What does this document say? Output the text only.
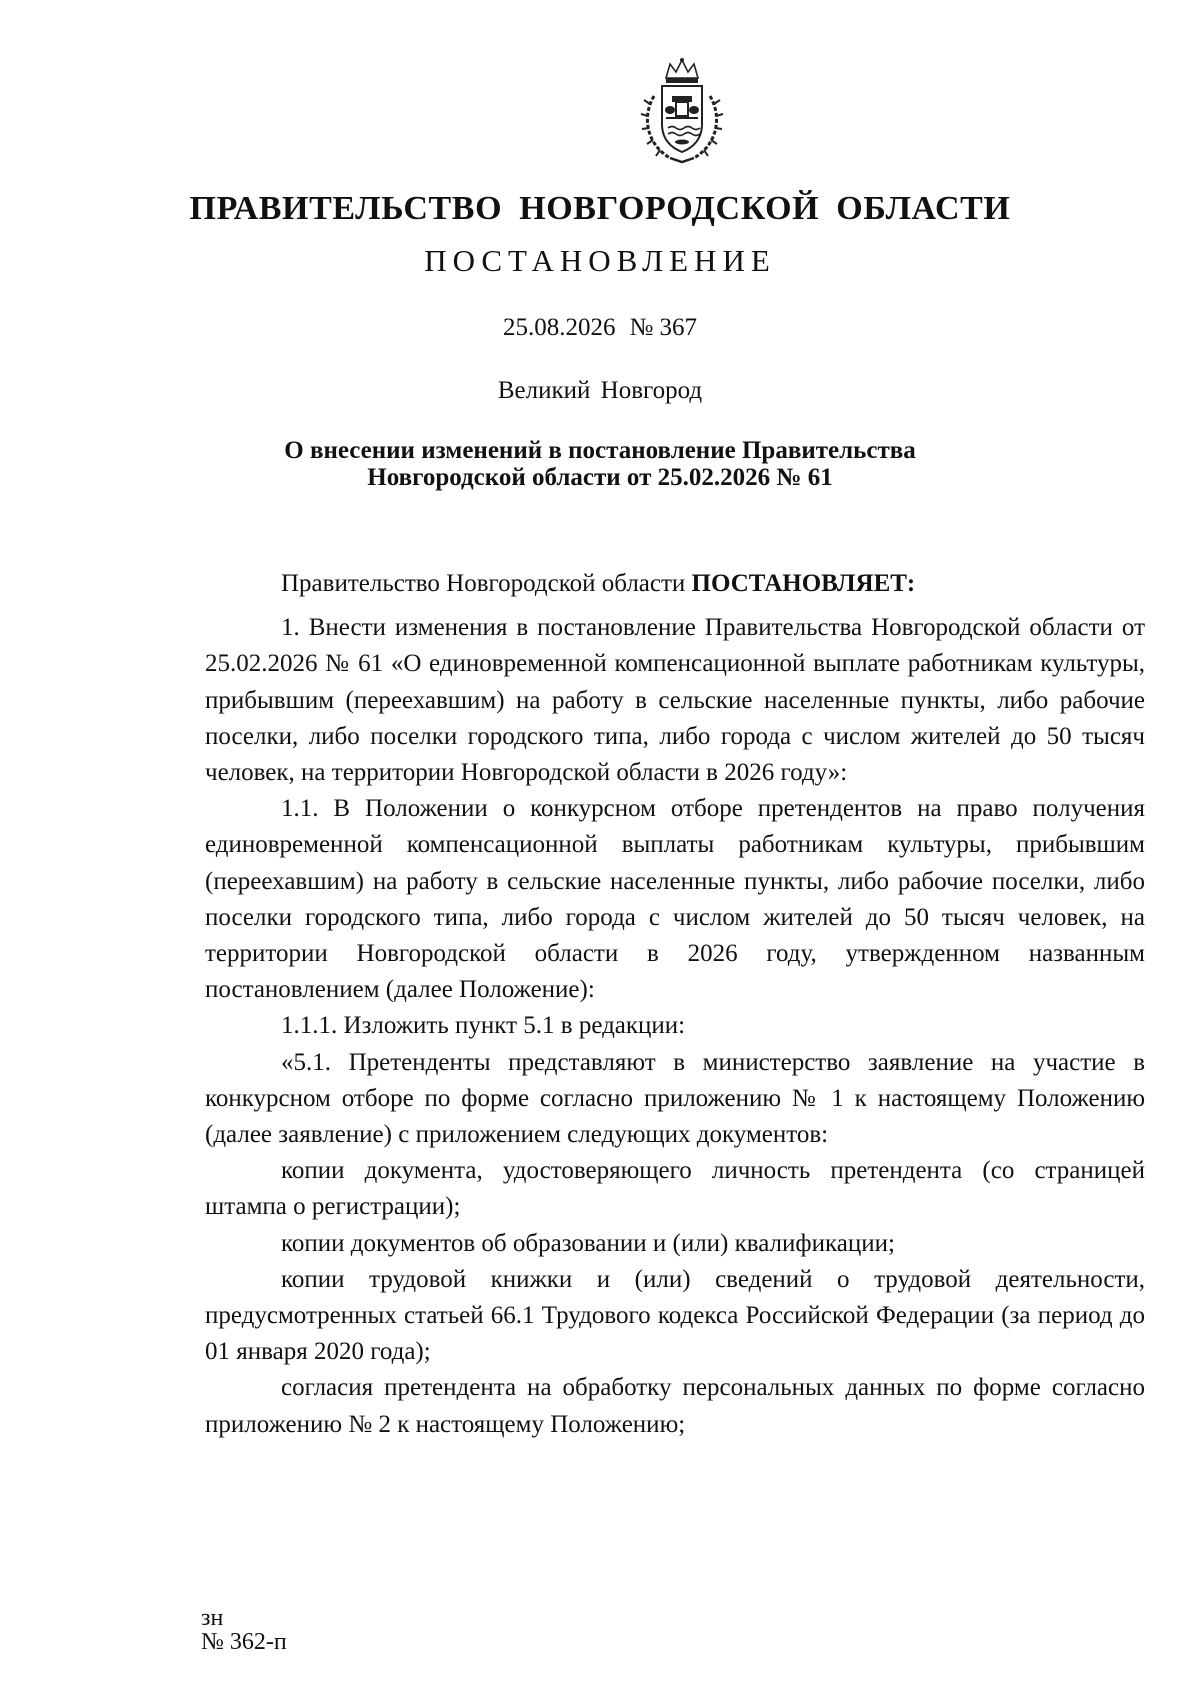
ПРАВИТЕЛЬСТВО НОВГОРОДСКОЙ ОБЛАСТИ
ПОСТАНОВЛЕНИЕ
25.08.2026 № 367
Великий Новгород
О внесении изменений в постановление Правительства
Новгородской области от 25.02.2026 № 61

Правительство Новгородской области ПОСТАНОВЛЯЕТ:

1. Внести изменения в постановление Правительства Новгородской области от 25.02.2026 № 61 «О единовременной компенсационной выплате работникам культуры, прибывшим (переехавшим) на работу в сельские населенные пункты, либо рабочие поселки, либо поселки городского типа, либо города с числом жителей до 50 тысяч человек, на территории Новгородской области в 2026 году»:

1.1. В Положении о конкурсном отборе претендентов на право получения единовременной компенсационной выплаты работникам культуры, прибывшим (переехавшим) на работу в сельские населенные пункты, либо рабочие поселки, либо поселки городского типа, либо города с числом жителей до 50 тысяч человек, на территории Новгородской области в 2026 году, утвержденном названным постановлением (далее Положение):

1.1.1. Изложить пункт 5.1 в редакции:

«5.1. Претенденты представляют в министерство заявление на участие в конкурсном отборе по форме согласно приложению № 1 к настоящему Положению (далее заявление) с приложением следующих документов:

копии документа, удостоверяющего личность претендента (со страницей штампа о регистрации);

копии документов об образовании и (или) квалификации;

копии трудовой книжки и (или) сведений о трудовой деятельности, предусмотренных статьей 66.1 Трудового кодекса Российской Федерации (за период до 01 января 2020 года);

согласия претендента на обработку персональных данных по форме согласно приложению № 2 к настоящему Положению;

зн
№ 362-п
